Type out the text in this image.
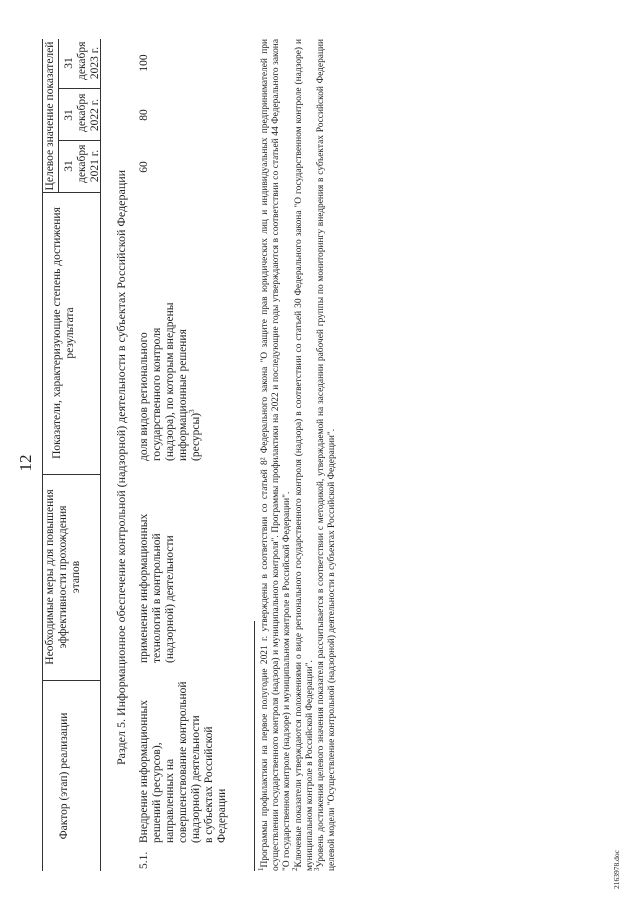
12
Фактор (этап) реализации
Необходимые меры для повышения эффективности прохождения этапов
Показатели, характеризующие степень достижения результата
Целевое значение показателей 31 декабря 2021 г.
31 декабря 2022 г.
31 декабря 2023 г.
Раздел 5. Информационное обеспечение контрольной (надзорной) деятельности в субъектах Российской Федерации
5.1.
Внедрение информационных решений (ресурсов), направленных на совершенствование контрольной (надзорной) деятельности в субъектах Российской Федерации
применение информационных технологий в контрольной (надзорной) деятельности
доля видов регионального государственного контроля (надзора), по которым внедрены информационные решения (ресурсы)$^3$
60
80
100
$^1$Программы профилактики на первое полугодие 2021 г. утверждены в соответствии со статьей 8² Федерального закона "О защите прав юридических лиц и индивидуальных предпринимателей при осуществлении государственного контроля (надзора) и муниципального контроля". Программы профилактики на 2022 и последующие годы утверждаются в соответствии со статьей 44 Федерального закона "О государственном контроле (надзоре) и муниципальном контроле в Российской Федерации".
$^2$Ключевые показатели утверждаются положениями о виде регионального государственного контроля (надзора) в соответствии со статьей 30 Федерального закона "О государственном контроле (надзоре) и муниципальном контроле в Российской Федерации".
$^3$Уровень достижения целевого значения показателя рассчитывается в соответствии с методикой, утверждаемой на заседании рабочей группы по мониторингу внедрения в субъектах Российской Федерации целевой модели "Осуществление контрольной (надзорной) деятельности в субъектах Российской Федерации".	2163978.doc
